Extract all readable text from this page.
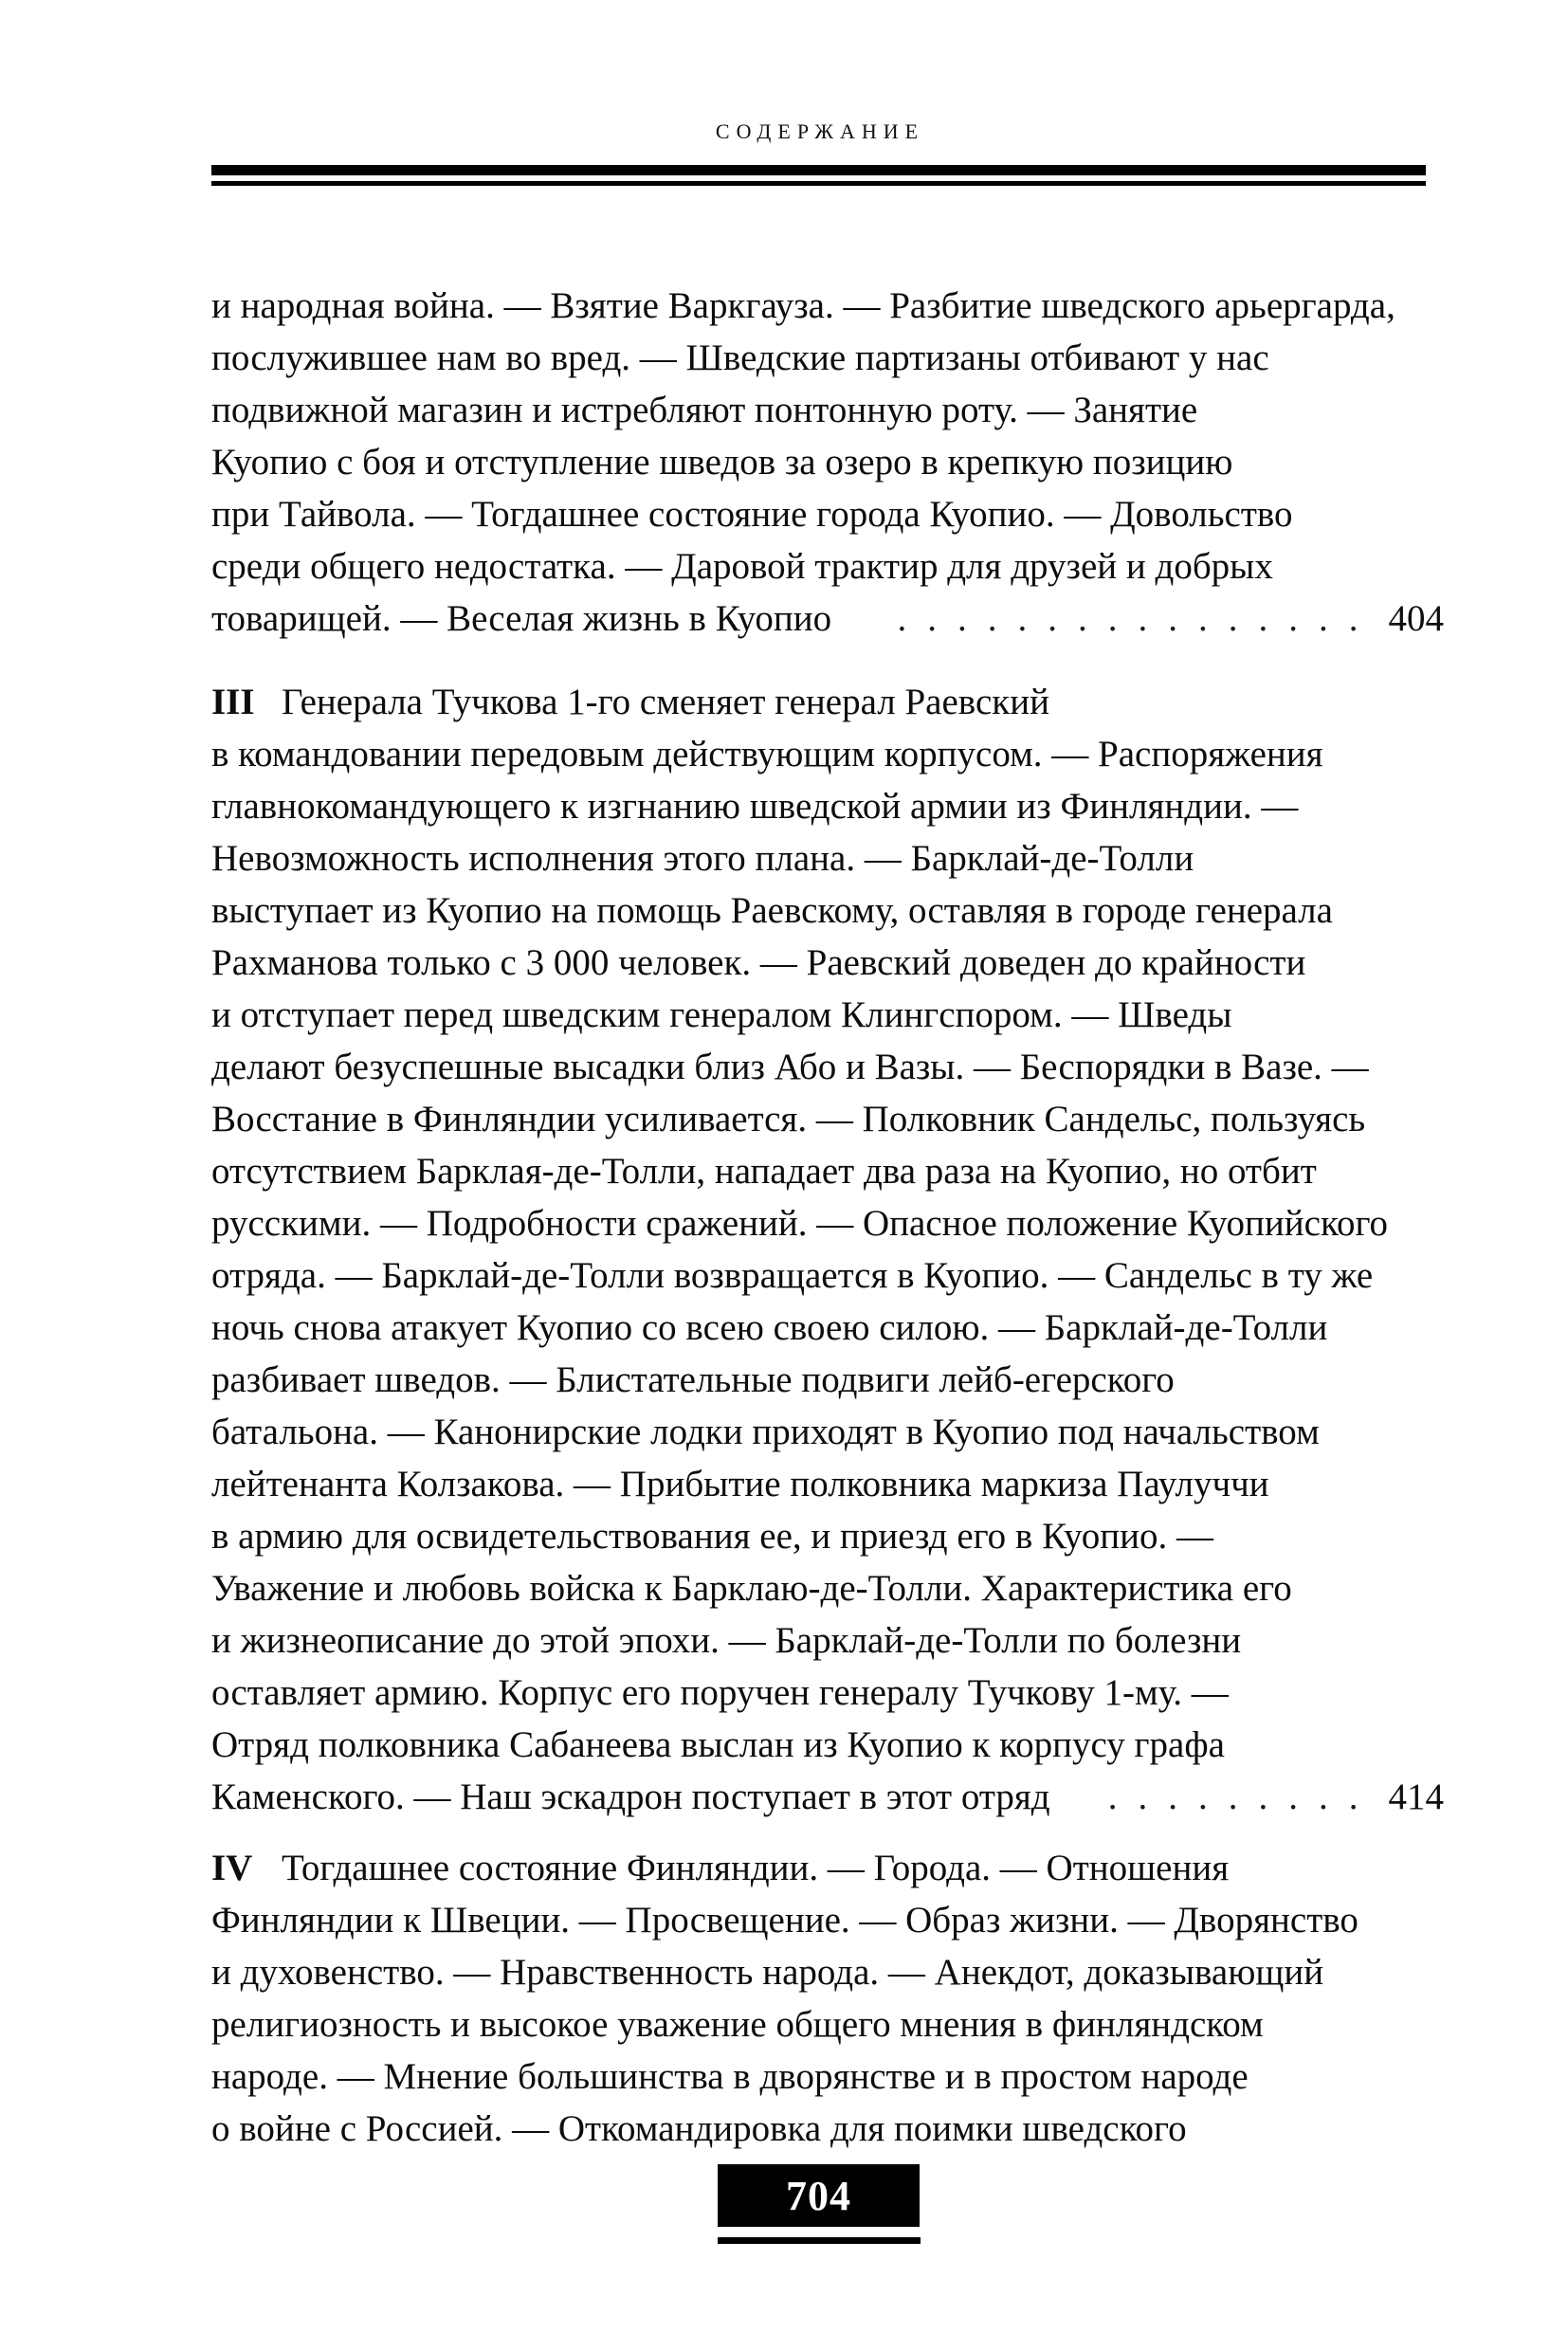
СОДЕРЖАНИЕ
и народная война. — Взятие Варкгауза. — Разбитие шведского арьергарда,
послужившее нам во вред. — Шведские партизаны отбивают у нас
подвижной магазин и истребляют понтонную роту. — Занятие
Куопио с боя и отступление шведов за озеро в крепкую позицию
при Тайвола. — Тогдашнее состояние города Куопио. — Довольство
среди общего недостатка. — Даровой трактир для друзей и добрых
товарищей. — Веселая жизнь в Куопио	................ 404
III Генерала Тучкова 1-го сменяет генерал Раевский
в командовании передовым действующим корпусом. — Распоряжения
главнокомандующего к изгнанию шведской армии из Финляндии. —
Невозможность исполнения этого плана. — Барклай-де-Толли
выступает из Куопио на помощь Раевскому, оставляя в городе генерала
Рахманова только с 3 000 человек. — Раевский доведен до крайности
и отступает перед шведским генералом Клингспором. — Шведы
делают безуспешные высадки близ Або и Вазы. — Беспорядки в Вазе. —
Восстание в Финляндии усиливается. — Полковник Сандельс, пользуясь
отсутствием Барклая-де-Толли, нападает два раза на Куопио, но отбит
русскими. — Подробности сражений. — Опасное положение Куопийского
отряда. — Барклай-де-Толли возвращается в Куопио. — Сандельс в ту же
ночь снова атакует Куопио со всею своею силою. — Барклай-де-Толли
разбивает шведов. — Блистательные подвиги лейб-егерского
батальона. — Канонирские лодки приходят в Куопио под начальством
лейтенанта Колзакова. — Прибытие полковника маркиза Паулуччи
в армию для освидетельствования ее, и приезд его в Куопио. —
Уважение и любовь войска к Барклаю-де-Толли. Характеристика его
и жизнеописание до этой эпохи. — Барклай-де-Толли по болезни
оставляет армию. Корпус его поручен генералу Тучкову 1-му. —
Отряд полковника Сабанеева выслан из Куопио к корпусу графа
Каменского. — Наш эскадрон поступает в этот отряд	......... 414
IV Тогдашнее состояние Финляндии. — Города. — Отношения
Финляндии к Швеции. — Просвещение. — Образ жизни. — Дворянство
и духовенство. — Нравственность народа. — Анекдот, доказывающий
религиозность и высокое уважение общего мнения в финляндском
народе. — Мнение большинства в дворянстве и в простом народе
о войне с Россией. — Откомандировка для поимки шведского
704
